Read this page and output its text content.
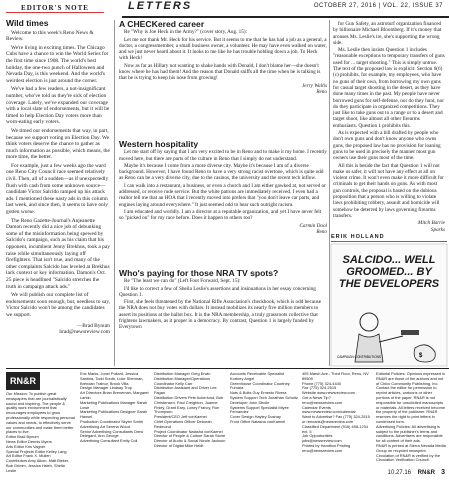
EDITOR'S NOTE	LETTERS	OCTOBER 27, 2016 | VOL. 22, ISSUE 37
Wild times

Welcome to this week's Reno News & Review.

We're living in exciting times. The Chicago Cubs have a chance to win the World Series for the first time since 1908. The world's best holiday, the one-two punch of Halloween and Nevada Day, is this weekend. And the world's weirdest election is just around the corner.

We've had a few readers, a not-insignificant number, who've told us they're sick of election coverage. Lately, we've expanded our coverage with a local slate of endorsements, but it will be timed to help Election Day voters more than worn-eating early voters.

We timed our endorsements that way, in part, because we support voting on Election Day. We think voters deserve the chance to gather as much information as possible, which means, the more time, the better.

For example, just a few weeks ago the ward one Reno City Council race seemed relatively civil. Then, all of a sudden—as if unexpectedly flush with cash from some unknown source—candidate Victor Salcido ramped up his attack ads. I mentioned these nasty ads in this column last week, and since then, it seems to have only gotten worse.

The Reno Gazette-Journal's Anjeanette Damon recently did a nice job of debunking some of the misinformation being spewed by Salcido's campaign, such as his claim that his opponent, incumbent Jenny Brekhus, took a pay raise while simultaneously laying off firefighters. That isn't true, and many of the other complaints Salcido has leveled at Brekhus lack context or key information. Damon's Oct. 25 piece is headlined "Salcido stretches the truth in campaign attack ads."

We will publish our complete list of endorsements soon enough, but, needless to say, Victor Salcido won't be among the candidates we support.

—Brad Bynum
brad@newsreview.com
A CHECKered career

Re "Why is Joe Heck in the Army?" (cover story, Aug. 15):

Let me not thank Mr. Heck for his service. But it seems to me that he has had a job as a general, a doctor, a congressmember, a small business owner, a volunteer. He may have even walked on water, and we just never heard about it. It looks to me like he has trouble holding down a job. To Heck with Heck!

Now as far as Hillary not wanting to shake hands with Donald, I don't blame her—she doesn't know where he has had them! And the reason that Donald sniffs all the time when he is talking is that he is trying to keep his nose from growing!

Jerry Wallis
Reno
Western hospitality

Let me start off by saying that I am very excited to be in Reno and to make it my home. I recently moved here, but there are parts of the culture in Reno that I simply do not understand.

Maybe it's because I come from a more diverse city. Maybe it's because I am of a diverse background. However, I have found Reno to have a very strong racist overtone, which is quite odd as Reno can be a very diverse city, due to the casinos, the university and the recent tech inflow.

I can walk into a restaurant, a business, or even a church and I am either gawked at, not served or addressed, or receive rude service. But the white patrons are immediately received. I even had a realtor tell me that an HOA that I recently moved into prefers that "you don't leave car parts, and engines laying around everywhere." It just seemed odd to hear such outright racism.

I am educated and worldly. I am a director at a reputable organization, and yet I have never felt so "picked on" for my race before. Does it happen to others too?

Carmin Dool
Reno
Who's paying for those NRA TV spots?

Re "The least we can do" (Left Foot Forward, Sept. 15):

I'd like to correct a few of Sheila Leslie's assertions and insinuations in her essay concerning Question 1.

First, she feels threatened by the National Rifle Association's checkbook, which is odd because the NRA does not buy votes with dollars. It instead mobilizes its nearly five million members to assert its positions at the ballot box. It is the NRA membership, a truly grassroots collective that frightens lawmakers, as it proper in a democracy. By contrast, Question 1 is largely funded by Everytown

for Gun Safety, an astroturf organization financed by billionaire Michael Bloomberg. If it's money that arouses Ms. Leslie's ire, she's supporting the wrong side.

Ms. Leslie then insists Question 1 includes "reasonable exceptions to temporary transfers of guns used for ... target shooting." This is simply untrue. The text of the proposed law is explicit: Section 6(6)(c) prohibits, for example, my employees, who have no guns of their own, from borrowing my own guns for casual target shooting in the desert, as they have done many times in the past. My people have never borrowed guns for self-defense, nor do they hunt, nor do they participate in organized competitions. They just like to take guns out to a range or to a desert and target shoot, like almost all other firearms enthusiasts. Question 1 prohibits this.

As is expected with a bill drafted by people who don't own guns and don't know anyone who owns guns, the proposed law has no provision for loaning guns to be used in precisely the manner most gun owners use their guns most of the time.

All this is beside the fact that Question 1 will not make us safer, it will not have any effect at all on violent crime. It won't even make it more difficult for criminals to get their hands on guns. As with most gun controls, the proposal is based on the dubious proposition that a person who is willing to violate laws prohibiting robbery, assault and homicide will somehow be deterred by laws governing firearms transfers.

Mitch Barrie
Sparks
ERIK HOLLAND
$
CAMPAIGN CONTRIBUTIONS
SALCIDO... WELL GROOMED... BY THE DEVELOPERS
RN&R
Our Mission: To publish great newspapers that are journalistically sound and inspiring. The people & quality work environment that encourages employees to grow professionally while respecting personal values and needs, to effectively serve our communities and make them better places to live.
Editor Brad Bynum
News Editor Dennis Myers
Arts Editor Kris Vagner
Special Projects Editor Kelley Lang
Art Editor Frank X. Mullen
Contributors Amy Alkon, Matt Bieker, Bob Grimm, Jessica Hsieh, Sheila Leslie
Eric Marks, Jonel Pollard, Jessica Santina, Todd South, Luke Sherman, Brendan Trainor, Brook Villa
Design Manager Lindsay Trop
Art Directors Brian Breneman, Margaret Larkin
Marketing Publications Manager Sarah Lowe
Marketing Publications Designer Sarah Hansel
Production Coordinator Skyler Smith
Advertising Art Serena Wood
Senior Advertising Consultants Drew Delegard, Ann George
Advertising Consultant Emily Coll
Distribution Manager Greg Erwin
Distribution Manager/Operations Coordinator Kelly Carr
Distribution Assistant and Driver Lee Fagan
Distribution Drivers Pete Ackerlund, Bob Christensen, Paul Creighton, Joanne Finley, Grant Eary, Lowry Francy, Ron Thompson
President/CEO Jeff vonKaenel
Chief Operations Officer Deborah Redmond
Project Coordinator Natasha vonKaenel
Director of People & Culture Sarah Stone
Director of Audio & Social Nicole Jackson
Director of Digital Mike Heidt
Accounts Receivable Specialist Kortney Angel
Greenhouse Coordinator Courtney Fumara
Nuts & Bolts Guy Ernesto Rivera
System Support Tech Jonathan Schultz
Developer John Strolle
Systems Support Specialist Miyee Fernandez
Cover Design Hayley Doshay
Front Office Natasha vonKaenel
405 Marsh Ave., Third Floor, Reno, NV 89509
Phone (775) 324-4440
Fax (775) 324-2515
Website www.newsreview.com
Got a News Tip? reno@newsreview.com
Calendar Events www.newsreview.com/calendar
Want to Advertise? Fax (775) 324-2515 or renoads@newsreview.com
Classified Department (916) 498-1234 ext. 5
Job Opportunities jobs@newsreview.com
Printed by Hamilton Printing
reno@newsreview.com
Editorial Policies: Opinions expressed in RN&R are those of the authors and not of Chico Community Publishing, Inc. Contact the editor for permission to reprint articles, cartoons or other portions of the paper. RN&R is not responsible for unsolicited manuscripts or materials. All letters received become the property of the publisher. RN&R reserves the right to print letters in condensed form.
Advertising Policies: All advertising is subject to the publisher's terms and conditions. Advertisers are responsible for all content of their ads.
RN&R is printed at Sierra Nevada Media Group on recycled newsprint. Circulation of RN&R is verified by the Circulation Verification Council.
10.27.16 RN&R 3
